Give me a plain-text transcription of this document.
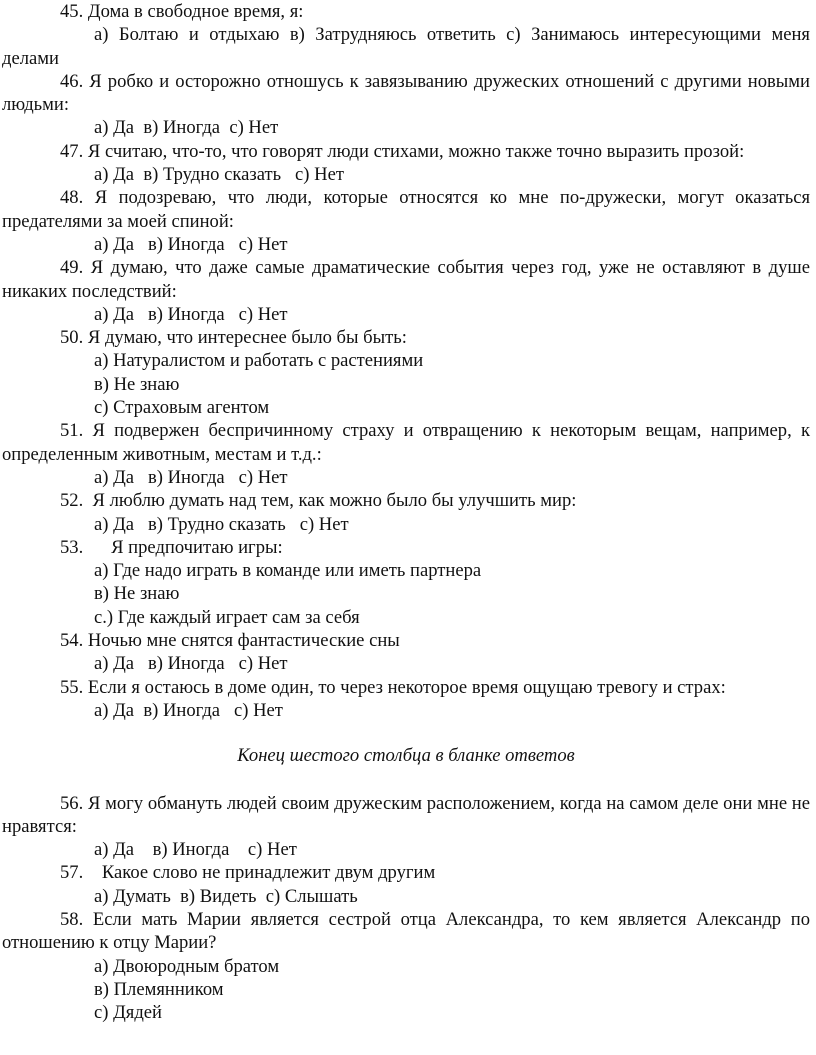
45. Дома в свободное время, я:

а) Болтаю и отдыхаю в) Затрудняюсь ответить с) Занимаюсь интересующими меня делами

46. Я робко и осторожно отношусь к завязыванию дружеских отношений с другими новыми людьми:

а) Да  в) Иногда  с) Нет

47. Я считаю, что-то, что говорят люди стихами, можно также точно выразить прозой:

а) Да  в) Трудно сказать   с) Нет

48. Я подозреваю, что люди, которые относятся ко мне по-дружески, могут оказаться предателями за моей спиной:

а) Да   в) Иногда   с) Нет

49. Я думаю, что даже самые драматические события через год, уже не оставляют в душе никаких последствий:

а) Да   в) Иногда   с) Нет

50. Я думаю, что интереснее было бы быть:

а) Натуралистом и работать с растениями

в) Не знаю

с) Страховым агентом

51. Я подвержен беспричинному страху и отвращению к некоторым вещам, например, к определенным животным, местам и т.д.:

а) Да   в) Иногда   с) Нет

52.  Я люблю думать над тем, как можно было бы улучшить мир:

а) Да   в) Трудно сказать   с) Нет

53.      Я предпочитаю игры:

а) Где надо играть в команде или иметь партнера

в) Не знаю

с.) Где каждый играет сам за себя

54. Ночью мне снятся фантастические сны

а) Да   в) Иногда   с) Нет

55. Если я остаюсь в доме один, то через некоторое время ощущаю тревогу и страх:

а) Да  в) Иногда   с) Нет

Конец шестого столбца в бланке ответов

56. Я могу обмануть людей своим дружеским расположением, когда на самом деле они мне не нравятся:

а) Да    в) Иногда    с) Нет

57.    Какое слово не принадлежит двум другим

а) Думать  в) Видеть  с) Слышать

58. Если мать Марии является сестрой отца Александра, то кем является Александр по отношению к отцу Марии?

а) Двоюродным братом

в) Племянником

с) Дядей
